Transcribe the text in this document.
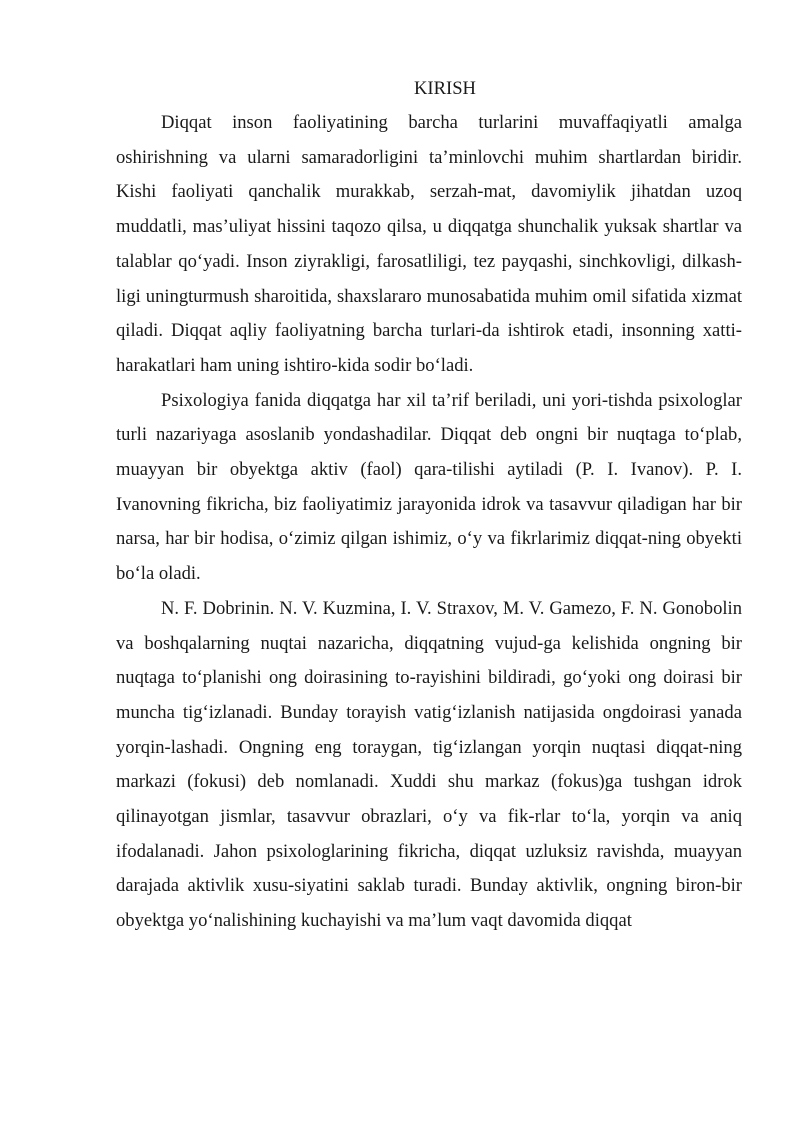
KIRISH

Diqqat inson faoliyatining barcha turlarini muvaffaqiyatli amalga oshirishning va ularni samaradorligini ta’minlovchi muhim shartlardan biridir. Kishi faoliyati qanchalik murakkab, serzah-mat, davomiylik jihatdan uzoq muddatli, mas’uliyat hissini taqozo qilsa, u diqqatga shunchalik yuksak shartlar va talablar qo‘yadi. Inson ziyrakligi, farosatliligi, tez payqashi, sinchkovligi, dilkash-ligi uningturmush sharoitida, shaxslararo munosabatida muhim omil sifatida xizmat qiladi. Diqqat aqliy faoliyatning barcha turlari-da ishtirok etadi, insonning xatti-harakatlari ham uning ishtiro-kida sodir bo‘ladi.

Psixologiya fanida diqqatga har xil ta’rif beriladi, uni yori-tishda psixologlar turli nazariyaga asoslanib yondashadilar. Diqqat deb ongni bir nuqtaga to‘plab, muayyan bir obyektga aktiv (faol) qara-tilishi aytiladi (P. I. Ivanov). P. I. Ivanovning fikricha, biz faoliyatimiz jarayonida idrok va tasavvur qiladigan har bir narsa, har bir hodisa, o‘zimiz qilgan ishimiz, o‘y va fikrlarimiz diqqat-ning obyekti bo‘la oladi.

N. F. Dobrinin. N. V. Kuzmina, I. V. Straxov, M. V. Gamezo, F. N. Gonobolin va boshqalarning nuqtai nazaricha, diqqatning vujud-ga kelishida ongning bir nuqtaga to‘planishi ong doirasining to-rayishini bildiradi, go‘yoki ong doirasi bir muncha tig‘izlanadi. Bunday torayish vatig‘izlanish natijasida ongdoirasi yanada yorqin-lashadi. Ongning eng toraygan, tig‘izlangan yorqin nuqtasi diqqat-ning markazi (fokusi) deb nomlanadi. Xuddi shu markaz (fokus)ga tushgan idrok qilinayotgan jismlar, tasavvur obrazlari, o‘y va fik-rlar to‘la, yorqin va aniq ifodalanadi. Jahon psixologlarining fikricha, diqqat uzluksiz ravishda, muayyan darajada aktivlik xusu-siyatini saklab turadi. Bunday aktivlik, ongning biron-bir obyektga yo‘nalishining kuchayishi va ma’lum vaqt davomida diqqat
